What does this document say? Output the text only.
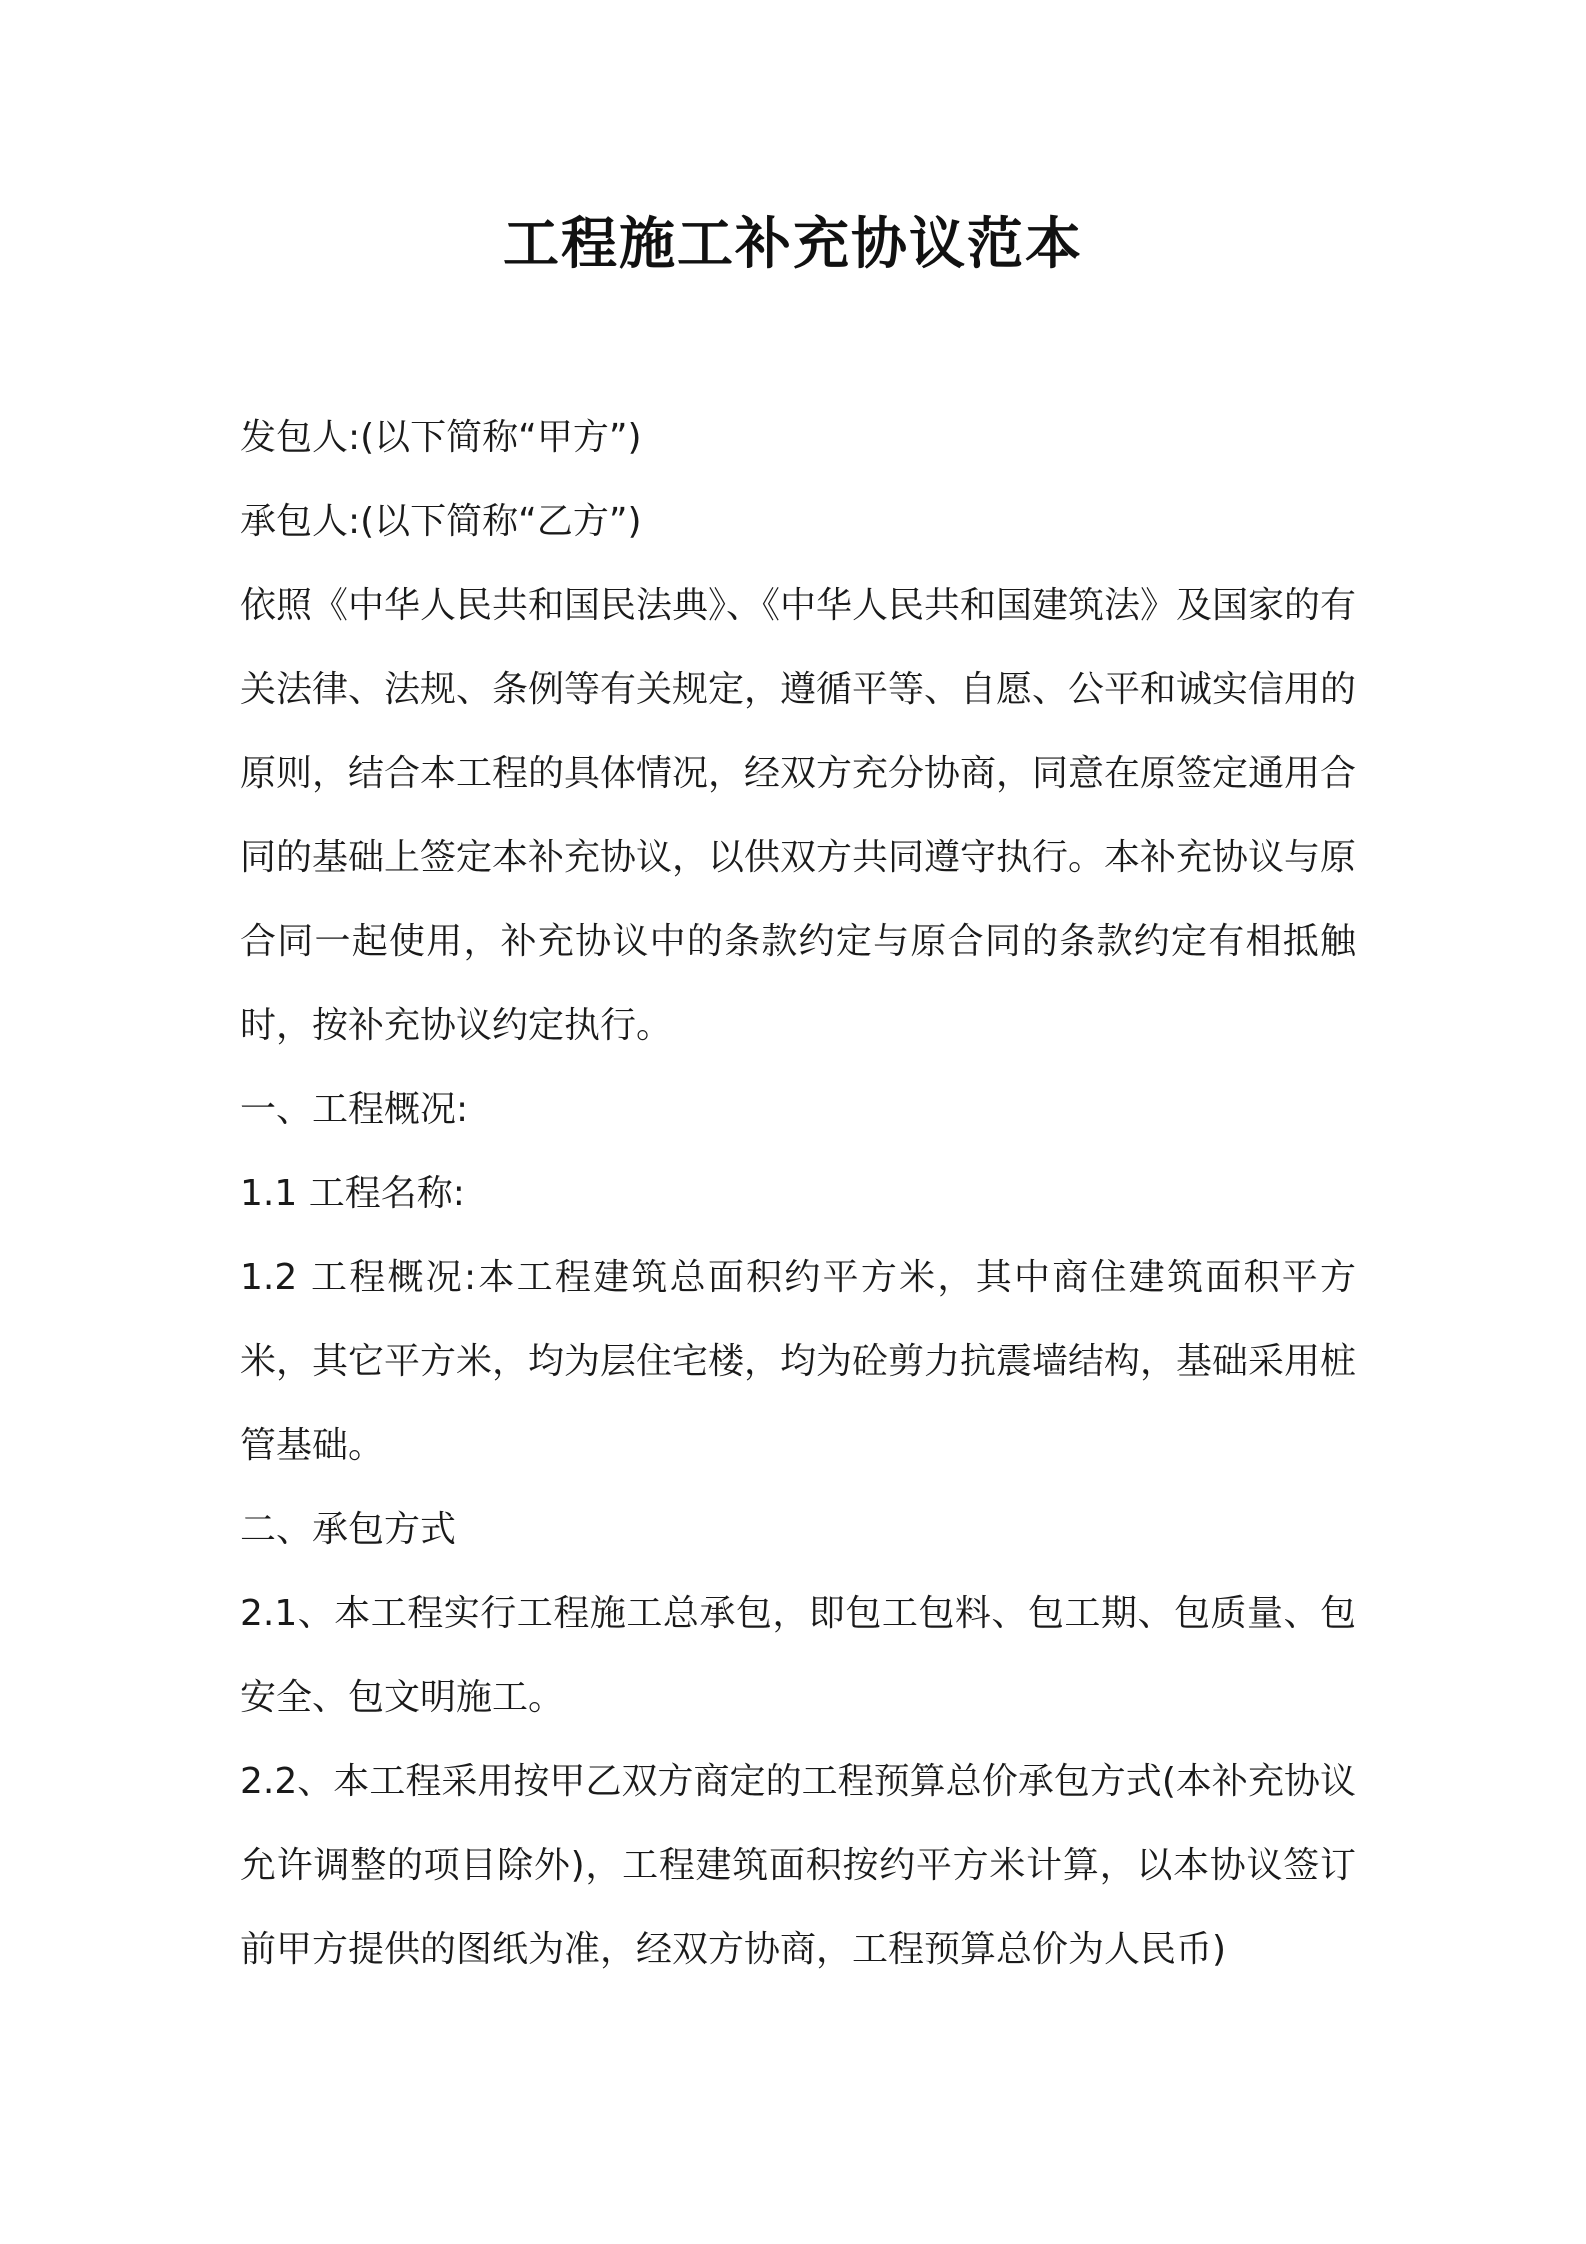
工程施工补充协议范本

发包人:(以下简称“甲方”)

承包人:(以下简称“乙方”)

依照《中华人民共和国民法典》、《中华人民共和国建筑法》及国家的有关法律、法规、条例等有关规定，遵循平等、自愿、公平和诚实信用的原则，结合本工程的具体情况，经双方充分协商，同意在原签定通用合同的基础上签定本补充协议，以供双方共同遵守执行。本补充协议与原合同一起使用，补充协议中的条款约定与原合同的条款约定有相抵触时，按补充协议约定执行。

一、工程概况:

1.1 工程名称:

1.2 工程概况:本工程建筑总面积约平方米，其中商住建筑面积平方米，其它平方米，均为层住宅楼，均为砼剪力抗震墙结构，基础采用桩管基础。

二、承包方式

2.1、本工程实行工程施工总承包，即包工包料、包工期、包质量、包安全、包文明施工。

2.2、本工程采用按甲乙双方商定的工程预算总价承包方式(本补充协议允许调整的项目除外)，工程建筑面积按约平方米计算，以本协议签订前甲方提供的图纸为准，经双方协商，工程预算总价为人民币)
